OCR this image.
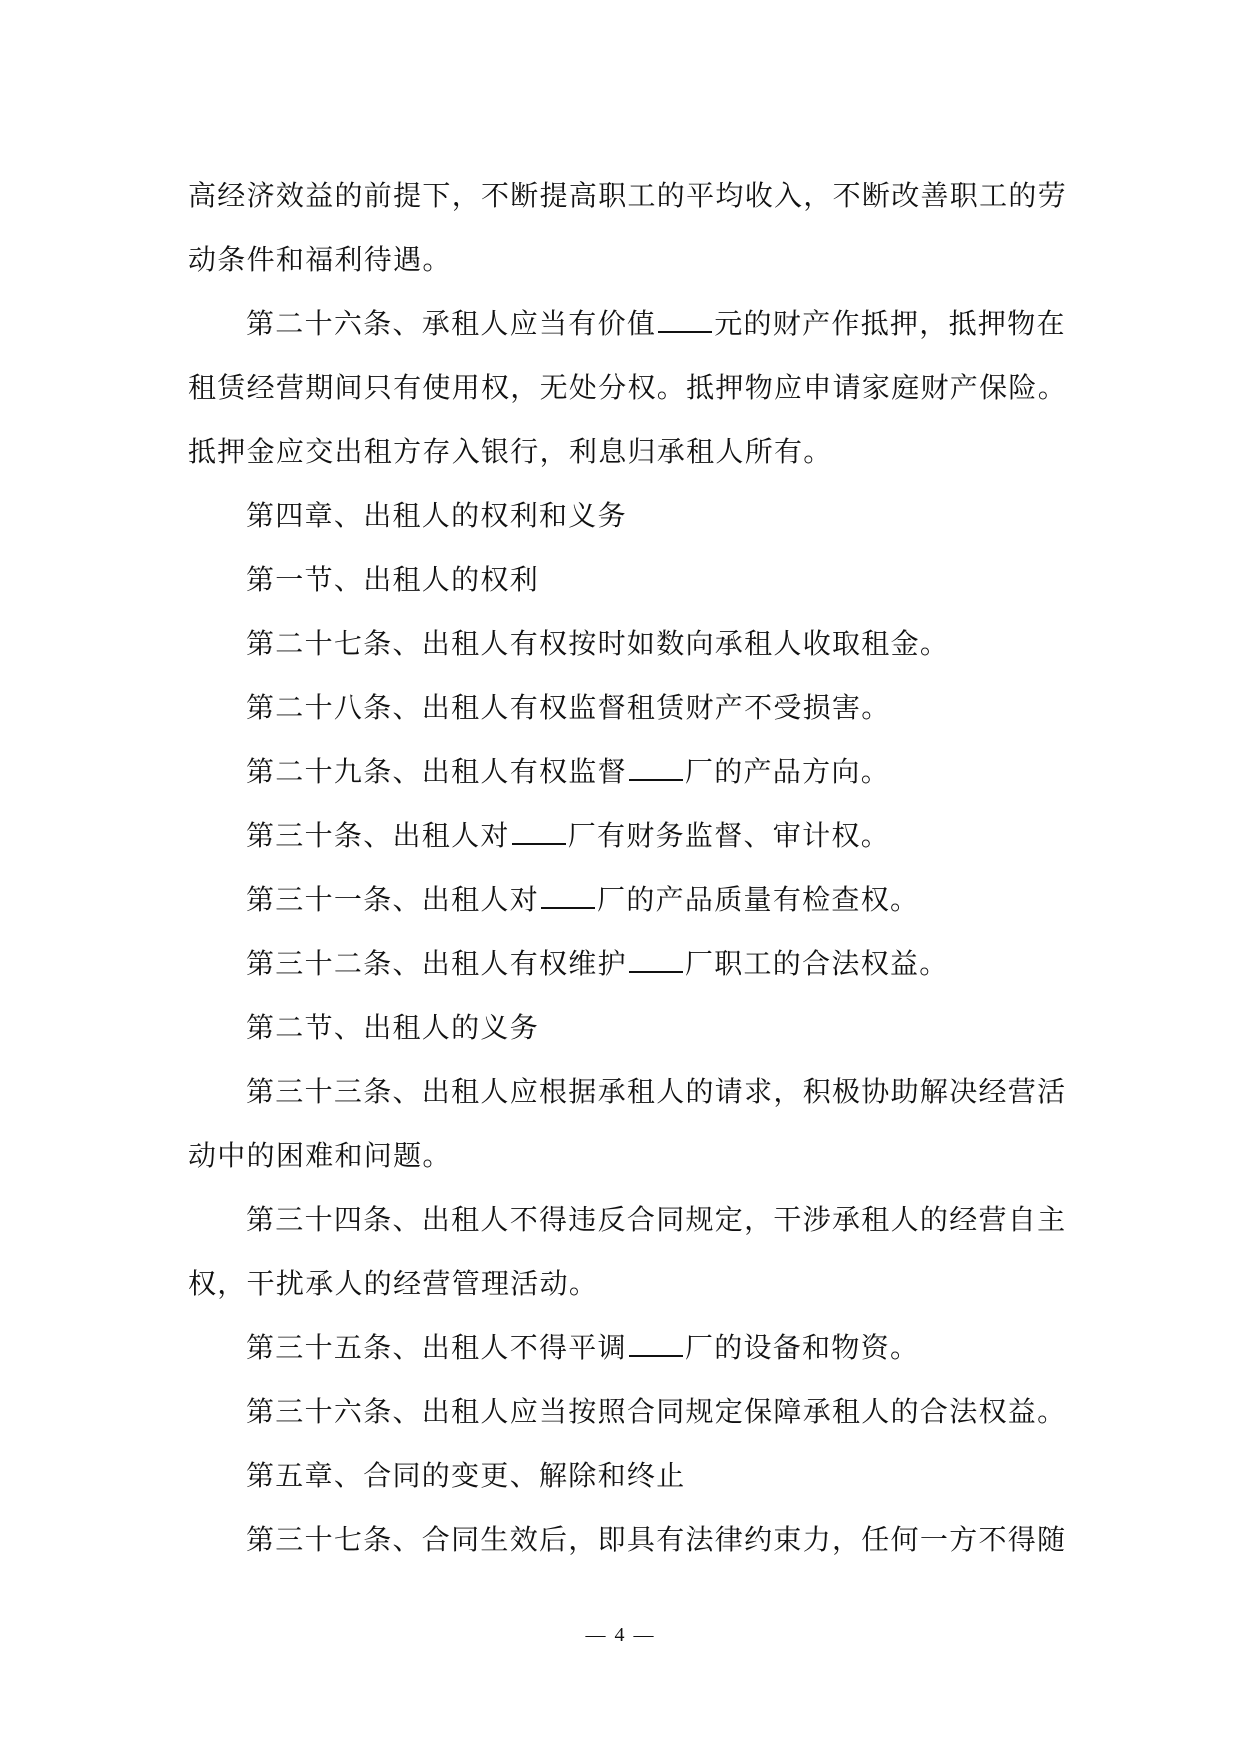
高经济效益的前提下，不断提高职工的平均收入，不断改善职工的劳

动条件和福利待遇。

第二十六条、承租人应当有价值 元的财产作抵押，抵押物在

租赁经营期间只有使用权，无处分权。抵押物应申请家庭财产保险。

抵押金应交出租方存入银行，利息归承租人所有。

第四章、出租人的权利和义务

第一节、出租人的权利

第二十七条、出租人有权按时如数向承租人收取租金。

第二十八条、出租人有权监督租赁财产不受损害。

第二十九条、出租人有权监督 厂的产品方向。

第三十条、出租人对 厂有财务监督、审计权。

第三十一条、出租人对 厂的产品质量有检查权。

第三十二条、出租人有权维护 厂职工的合法权益。

第二节、出租人的义务

第三十三条、出租人应根据承租人的请求，积极协助解决经营活

动中的困难和问题。

第三十四条、出租人不得违反合同规定，干涉承租人的经营自主

权，干扰承人的经营管理活动。

第三十五条、出租人不得平调 厂的设备和物资。

第三十六条、出租人应当按照合同规定保障承租人的合法权益。

第五章、合同的变更、解除和终止

第三十七条、合同生效后，即具有法律约束力，任何一方不得随

— 4 —
